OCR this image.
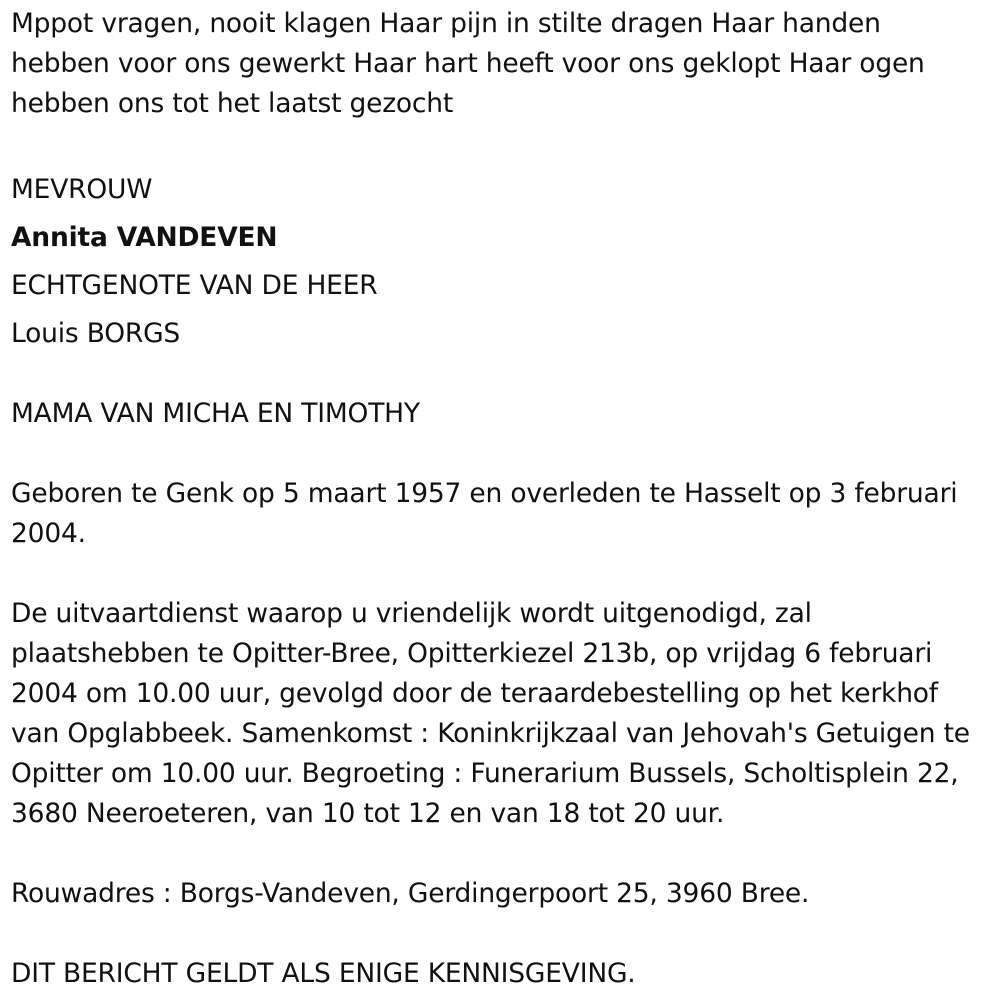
Mppot vragen, nooit klagen Haar pijn in stilte dragen Haar handen hebben voor ons gewerkt Haar hart heeft voor ons geklopt Haar ogen hebben ons tot het laatst gezocht

MEVROUW

Annita VANDEVEN

ECHTGENOTE VAN DE HEER

Louis BORGS

MAMA VAN MICHA EN TIMOTHY

Geboren te Genk op 5 maart 1957 en overleden te Hasselt op 3 februari 2004.

De uitvaartdienst waarop u vriendelijk wordt uitgenodigd, zal plaatshebben te Opitter-Bree, Opitterkiezel 213b, op vrijdag 6 februari 2004 om 10.00 uur, gevolgd door de teraardebestelling op het kerkhof van Opglabbeek. Samenkomst : Koninkrijkzaal van Jehovah's Getuigen te Opitter om 10.00 uur. Begroeting : Funerarium Bussels, Scholtisplein 22, 3680 Neeroeteren, van 10 tot 12 en van 18 tot 20 uur.

Rouwadres : Borgs-Vandeven, Gerdingerpoort 25, 3960 Bree.

DIT BERICHT GELDT ALS ENIGE KENNISGEVING.
